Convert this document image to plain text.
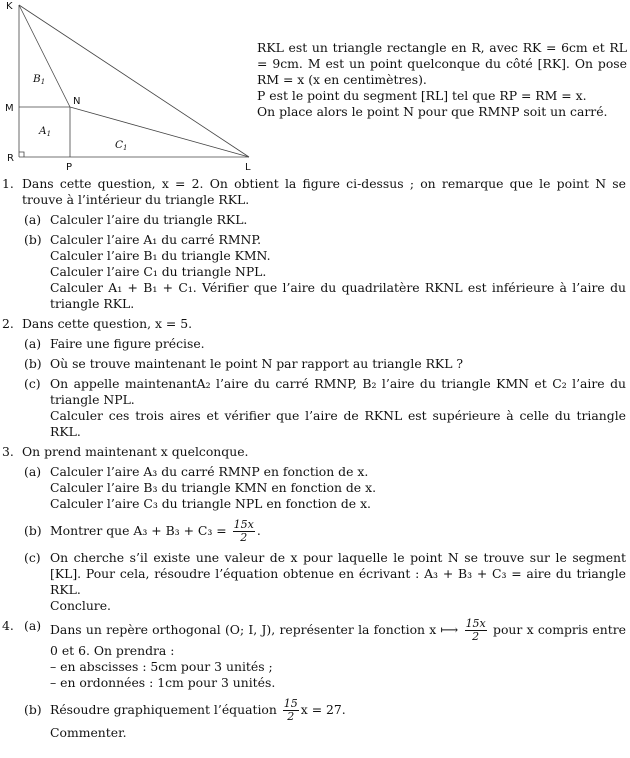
K
M
R
N
P	L
B1
A1
C1

RKL est un triangle rectangle en R, avec RK = 6cm et RL = 9cm. M est un point quelconque du côté [RK]. On pose RM = x (x en centimètres).

P est le point du segment [RL] tel que RP = RM = x.

On place alors le point N pour que RMNP soit un carré.

1. Dans cette question, x = 2. On obtient la figure ci-dessus ; on remarque que le point N se trouve à l’intérieur du triangle RKL.
(a) Calculer l’aire du triangle RKL.
(b) Calculer l’aire A₁ du carré RMNP.
Calculer l’aire B₁ du triangle KMN.
Calculer l’aire C₁ du triangle NPL.
Calculer A₁ + B₁ + C₁. Vérifier que l’aire du quadrilatère RKNL est inférieure à l’aire du triangle RKL.
2. Dans cette question, x = 5.
(a) Faire une figure précise.
(b) Où se trouve maintenant le point N par rapport au triangle RKL ?
(c) On appelle maintenantA₂ l’aire du carré RMNP, B₂ l’aire du triangle KMN et C₂ l’aire du triangle NPL.
Calculer ces trois aires et vérifier que l’aire de RKNL est supérieure à celle du triangle RKL.
3. On prend maintenant x quelconque.
(a) Calculer l’aire A₃ du carré RMNP en fonction de x.
Calculer l’aire B₃ du triangle KMN en fonction de x.
Calculer l’aire C₃ du triangle NPL en fonction de x.
(b) Montrer que $A_3 + B_3 + C_3 = \frac{15x}{2}$ .
(c) On cherche s’il existe une valeur de x pour laquelle le point N se trouve sur le segment [KL]. Pour cela, résoudre l’équation obtenue en écrivant : A₃ + B₃ + C₃ = aire du triangle RKL.
Conclure.
4. (a) Dans un repère orthogonal (O; I, J), représenter la fonction x ⟼ $\frac{15x}{2}$ pour x compris entre 0 et 6. On prendra :
– en abscisses : 5cm pour 3 unités ;
– en ordonnées : 1cm pour 3 unités.
(b) Résoudre graphiquement l’équation $\frac{15}{2}$ x = 27.
Commenter.
